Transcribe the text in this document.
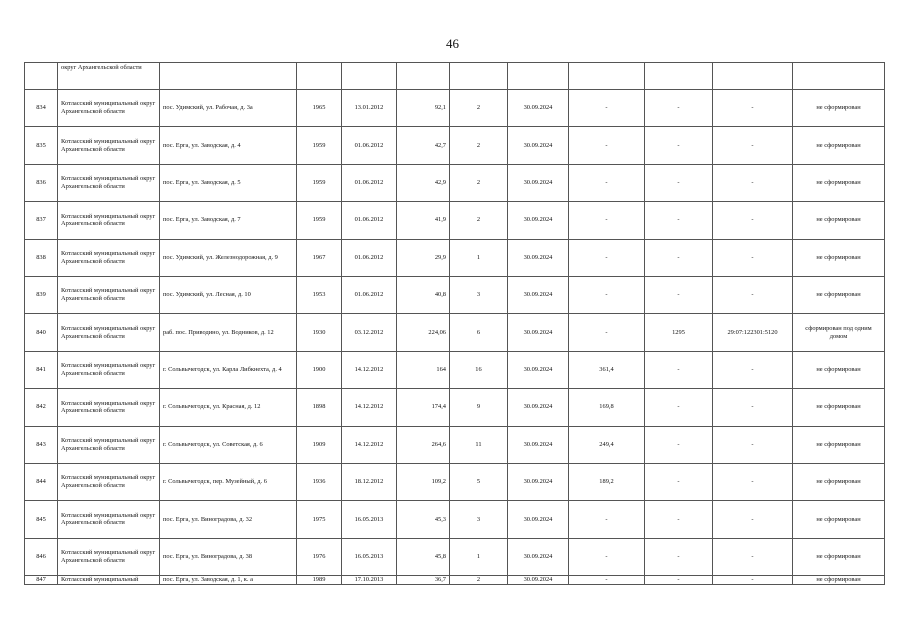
46
	округ Архангельской области										
834	Котласский муниципальный округ Архангельской области	пос. Удимский, ул. Рабочая, д. 3а	1965	13.01.2012	92,1	2	30.09.2024	-	-	-	не сформирован
835	Котласский муниципальный округ Архангельской области	пос. Ерга, ул. Заводская, д. 4	1959	01.06.2012	42,7	2	30.09.2024	-	-	-	не сформирован
836	Котласский муниципальный округ Архангельской области	пос. Ерга, ул. Заводская, д. 5	1959	01.06.2012	42,9	2	30.09.2024	-	-	-	не сформирован
837	Котласский муниципальный округ Архангельской области	пос. Ерга, ул. Заводская, д. 7	1959	01.06.2012	41,9	2	30.09.2024	-	-	-	не сформирован
838	Котласский муниципальный округ Архангельской области	пос. Удимский, ул. Железнодорожная, д. 9	1967	01.06.2012	29,9	1	30.09.2024	-	-	-	не сформирован
839	Котласский муниципальный округ Архангельской области	пос. Удимский, ул. Лесная, д. 10	1953	01.06.2012	40,8	3	30.09.2024	-	-	-	не сформирован
840	Котласский муниципальный округ Архангельской области	раб. пос. Приводино, ул. Водников, д. 12	1930	03.12.2012	224,06	6	30.09.2024	-	1295	29:07:122301:5120	сформирован под одним домом
841	Котласский муниципальный округ Архангельской области	г. Сольвычегодск, ул. Карла Либкнехта, д. 4	1900	14.12.2012	164	16	30.09.2024	361,4	-	-	не сформирован
842	Котласский муниципальный округ Архангельской области	г. Сольвычегодск, ул. Красная, д. 12	1898	14.12.2012	174,4	9	30.09.2024	169,8	-	-	не сформирован
843	Котласский муниципальный округ Архангельской области	г. Сольвычегодск, ул. Советская, д. 6	1909	14.12.2012	264,6	11	30.09.2024	249,4	-	-	не сформирован
844	Котласский муниципальный округ Архангельской области	г. Сольвычегодск, пер. Музейный, д. 6	1936	18.12.2012	109,2	5	30.09.2024	189,2	-	-	не сформирован
845	Котласский муниципальный округ Архангельской области	пос. Ерга, ул. Виноградова, д. 32	1975	16.05.2013	45,3	3	30.09.2024	-	-	-	не сформирован
846	Котласский муниципальный округ Архангельской области	пос. Ерга, ул. Виноградова, д. 38	1976	16.05.2013	45,8	1	30.09.2024	-	-	-	не сформирован
847	Котласский муниципальный	пос. Ерга, ул. Заводская, д. 1, к. а	1989	17.10.2013	36,7	2	30.09.2024	-	-	-	не сформирован
